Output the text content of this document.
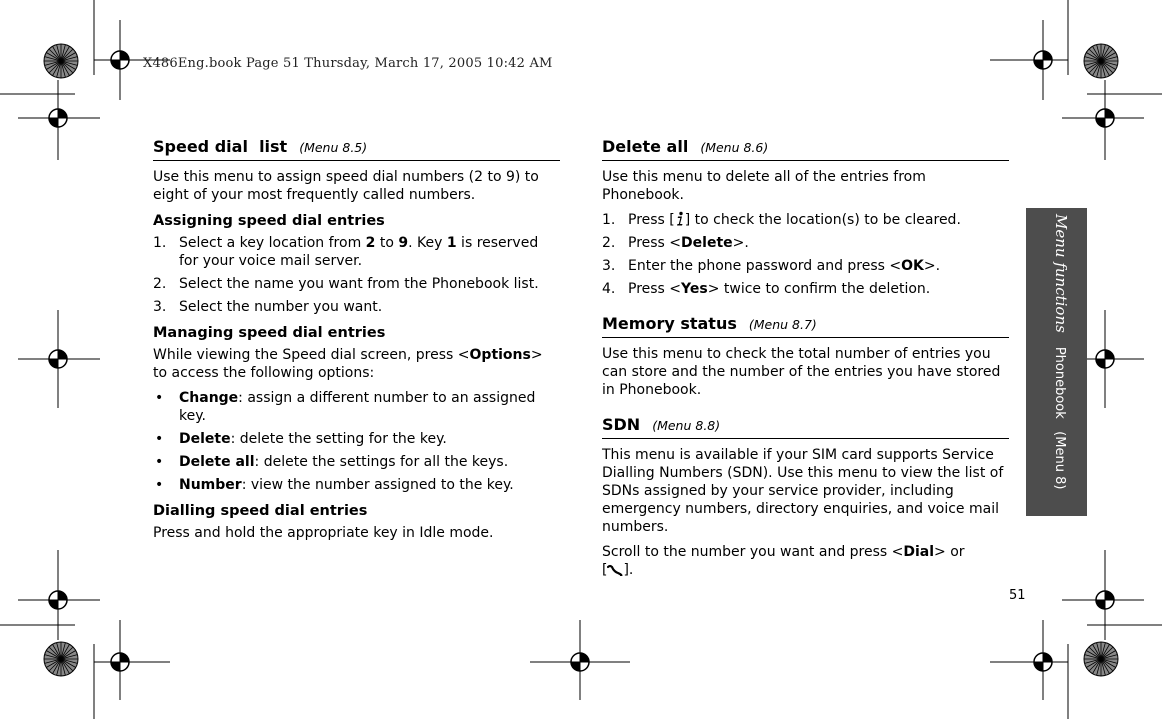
X486Eng.book Page 51 Thursday, March 17, 2005 10:42 AM
Speed dial  list (Menu 8.5)

Use this menu to assign speed dial numbers (2 to 9) to eight of your most frequently called numbers.

Assigning speed dial entries
1. Select a key location from 2 to 9. Key 1 is reserved for your voice mail server.
2. Select the name you want from the Phonebook list.
3. Select the number you want.
Managing speed dial entries

While viewing the Speed dial screen, press <Options> to access the following options:

• Change: assign a different number to an assigned key.
• Delete: delete the setting for the key.
• Delete all: delete the settings for all the keys.
• Number: view the number assigned to the key.
Dialling speed dial entries

Press and hold the appropriate key in Idle mode.

Delete all (Menu 8.6)

Use this menu to delete all of the entries from Phonebook.

1. Press [ ] to check the location(s) to be cleared.
2. Press <Delete>.
3. Enter the phone password and press <OK>.
4. Press <Yes> twice to confirm the deletion.
Memory status (Menu 8.7)

Use this menu to check the total number of entries you can store and the number of the entries you have stored in Phonebook.

SDN (Menu 8.8)

This menu is available if your SIM card supports Service Dialling Numbers (SDN). Use this menu to view the list of SDNs assigned by your service provider, including emergency numbers, directory enquiries, and voice mail numbers.

Scroll to the number you want and press <Dial> or [ ].

Menu functionsPhonebook   (Menu 8)
51
